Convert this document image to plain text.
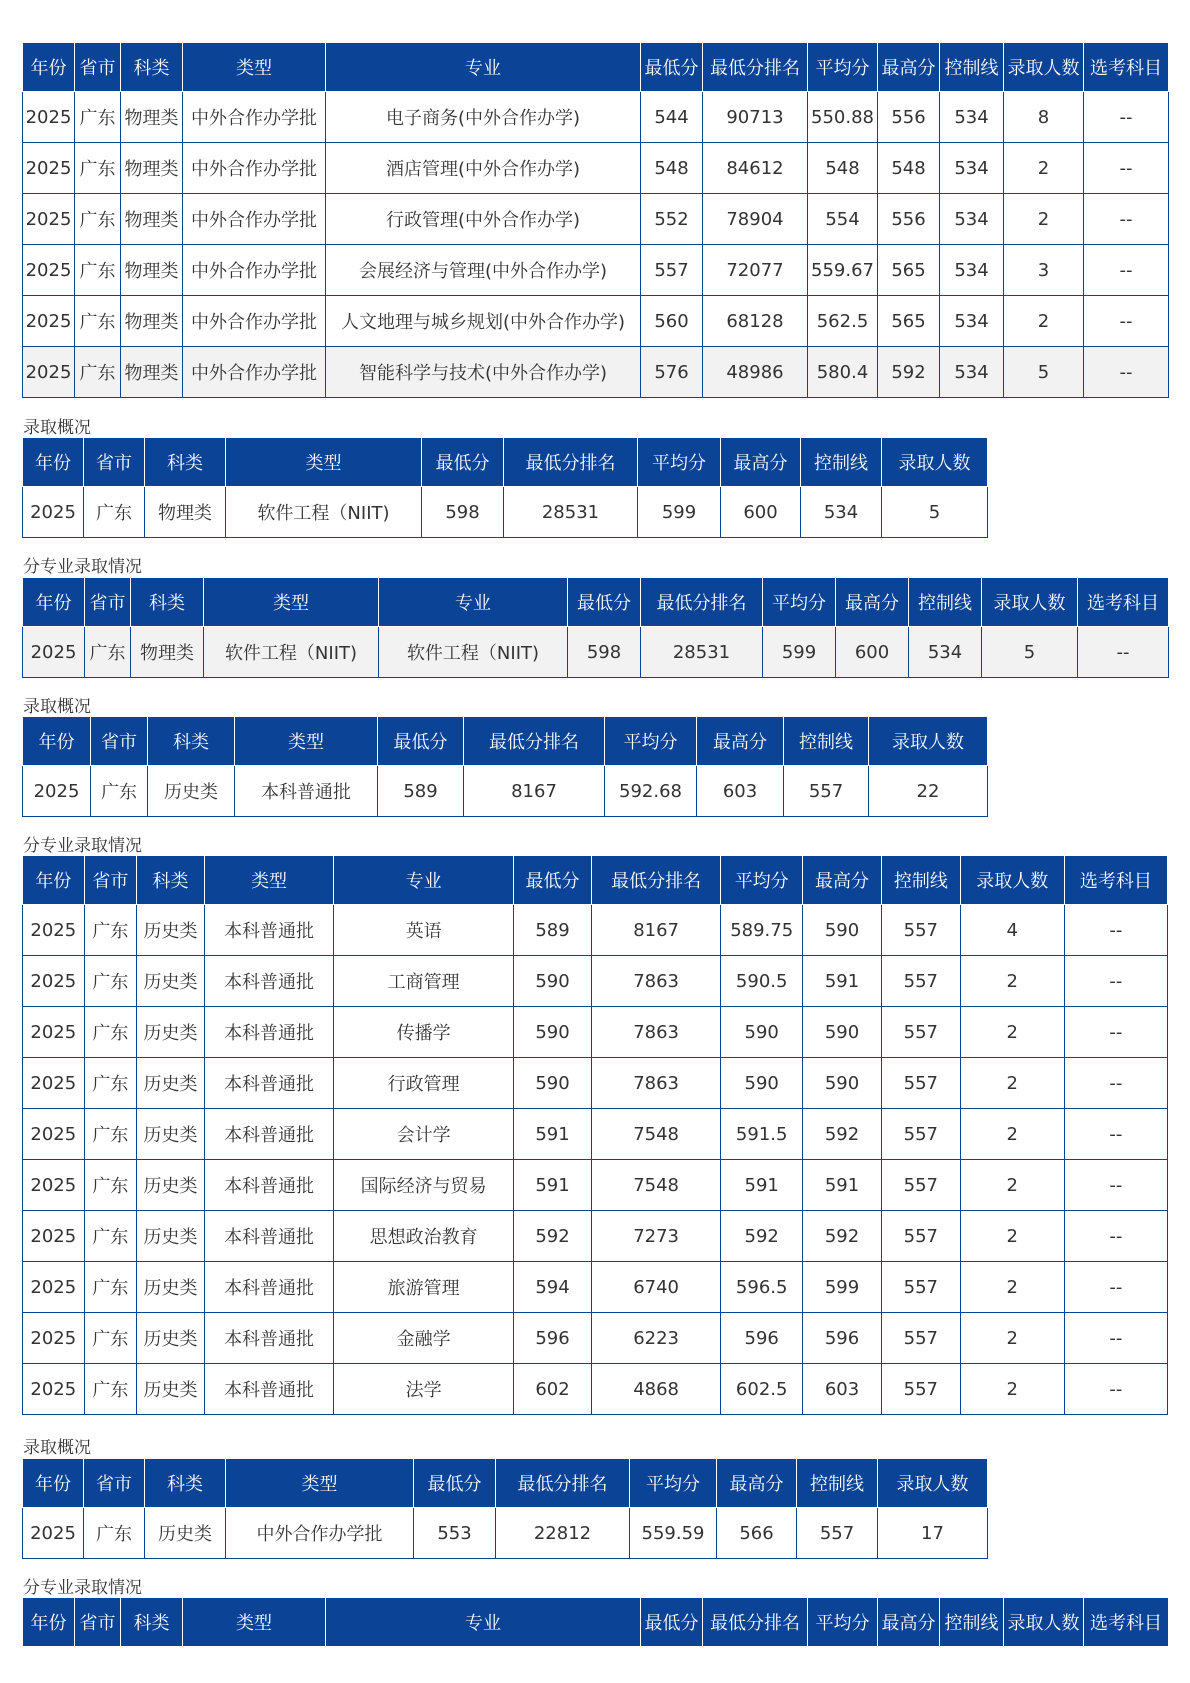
年份	省市	科类	类型	专业	最低分	最低分排名	平均分	最高分	控制线	录取人数	选考科目
2025	广东	物理类	中外合作办学批	电子商务(中外合作办学)	544	90713	550.88	556	534	8	--
2025	广东	物理类	中外合作办学批	酒店管理(中外合作办学)	548	84612	548	548	534	2	--
2025	广东	物理类	中外合作办学批	行政管理(中外合作办学)	552	78904	554	556	534	2	--
2025	广东	物理类	中外合作办学批	会展经济与管理(中外合作办学)	557	72077	559.67	565	534	3	--
2025	广东	物理类	中外合作办学批	人文地理与城乡规划(中外合作办学)	560	68128	562.5	565	534	2	--
2025	广东	物理类	中外合作办学批	智能科学与技术(中外合作办学)	576	48986	580.4	592	534	5	--
录取概况
年份	省市	科类	类型	最低分	最低分排名	平均分	最高分	控制线	录取人数
2025	广东	物理类	软件工程（NIIT)	598	28531	599	600	534	5
分专业录取情况
年份	省市	科类	类型	专业	最低分	最低分排名	平均分	最高分	控制线	录取人数	选考科目
2025	广东	物理类	软件工程（NIIT)	软件工程（NIIT)	598	28531	599	600	534	5	--
录取概况
年份	省市	科类	类型	最低分	最低分排名	平均分	最高分	控制线	录取人数
2025	广东	历史类	本科普通批	589	8167	592.68	603	557	22
分专业录取情况
年份	省市	科类	类型	专业	最低分	最低分排名	平均分	最高分	控制线	录取人数	选考科目
2025	广东	历史类	本科普通批	英语	589	8167	589.75	590	557	4	--
2025	广东	历史类	本科普通批	工商管理	590	7863	590.5	591	557	2	--
2025	广东	历史类	本科普通批	传播学	590	7863	590	590	557	2	--
2025	广东	历史类	本科普通批	行政管理	590	7863	590	590	557	2	--
2025	广东	历史类	本科普通批	会计学	591	7548	591.5	592	557	2	--
2025	广东	历史类	本科普通批	国际经济与贸易	591	7548	591	591	557	2	--
2025	广东	历史类	本科普通批	思想政治教育	592	7273	592	592	557	2	--
2025	广东	历史类	本科普通批	旅游管理	594	6740	596.5	599	557	2	--
2025	广东	历史类	本科普通批	金融学	596	6223	596	596	557	2	--
2025	广东	历史类	本科普通批	法学	602	4868	602.5	603	557	2	--
录取概况
年份	省市	科类	类型	最低分	最低分排名	平均分	最高分	控制线	录取人数
2025	广东	历史类	中外合作办学批	553	22812	559.59	566	557	17
分专业录取情况
年份	省市	科类	类型	专业	最低分	最低分排名	平均分	最高分	控制线	录取人数	选考科目
